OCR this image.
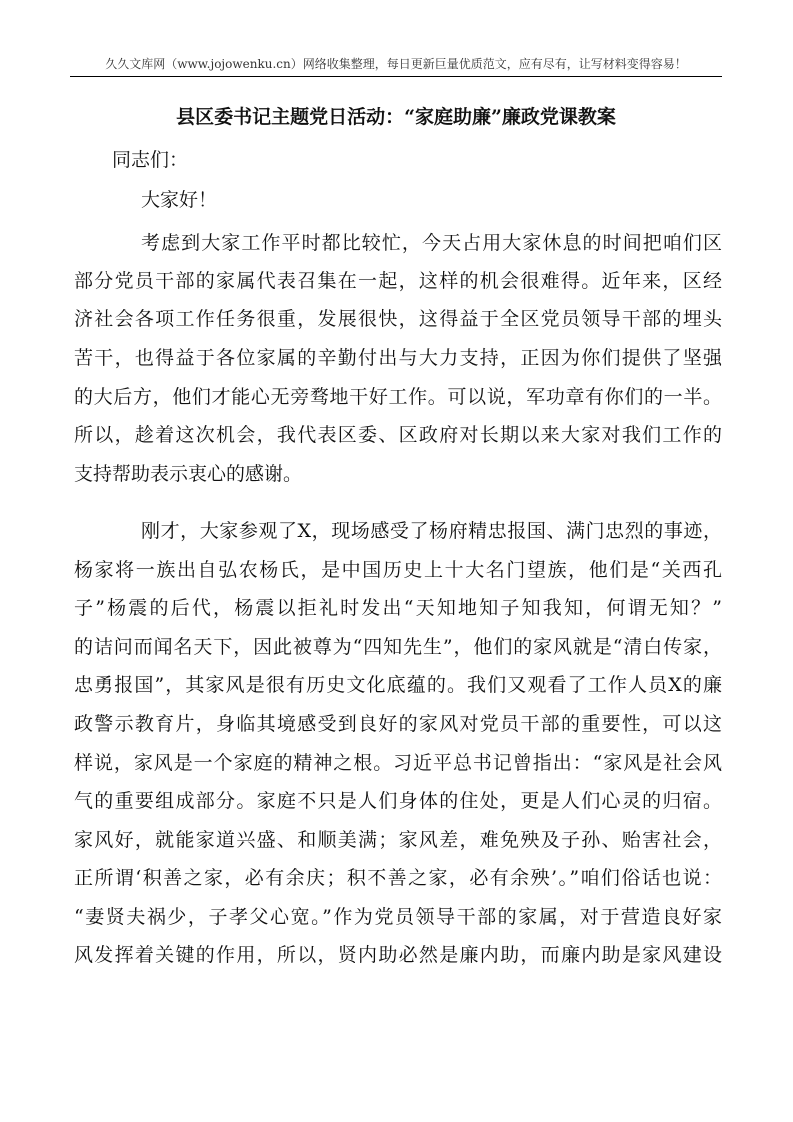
久久文库网（www.jojowenku.cn）网络收集整理，每日更新巨量优质范文，应有尽有，让写材料变得容易！
县区委书记主题党日活动：“家庭助廉”廉政党课教案
同志们：
大家好！
考虑到大家工作平时都比较忙，今天占用大家休息的时间把咱们区
部分党员干部的家属代表召集在一起，这样的机会很难得。近年来，区经
济社会各项工作任务很重，发展很快，这得益于全区党员领导干部的埋头
苦干，也得益于各位家属的辛勤付出与大力支持，正因为你们提供了坚强
的大后方，他们才能心无旁骛地干好工作。可以说，军功章有你们的一半。
所以，趁着这次机会，我代表区委、区政府对长期以来大家对我们工作的
支持帮助表示衷心的感谢。
刚才，大家参观了X，现场感受了杨府精忠报国、满门忠烈的事迹，
杨家将一族出自弘农杨氏，是中国历史上十大名门望族，他们是“关西孔
子”杨震的后代，杨震以拒礼时发出“天知地知子知我知，何谓无知？”
的诘问而闻名天下，因此被尊为“四知先生”，他们的家风就是“清白传家，
忠勇报国”，其家风是很有历史文化底蕴的。我们又观看了工作人员X的廉
政警示教育片，身临其境感受到良好的家风对党员干部的重要性，可以这
样说，家风是一个家庭的精神之根。习近平总书记曾指出：“家风是社会风
气的重要组成部分。家庭不只是人们身体的住处，更是人们心灵的归宿。
家风好，就能家道兴盛、和顺美满；家风差，难免殃及子孙、贻害社会，
正所谓‘积善之家，必有余庆；积不善之家，必有余殃’。”咱们俗话也说：
“妻贤夫祸少，子孝父心宽。”作为党员领导干部的家属，对于营造良好家
风发挥着关键的作用，所以，贤内助必然是廉内助，而廉内助是家风建设
